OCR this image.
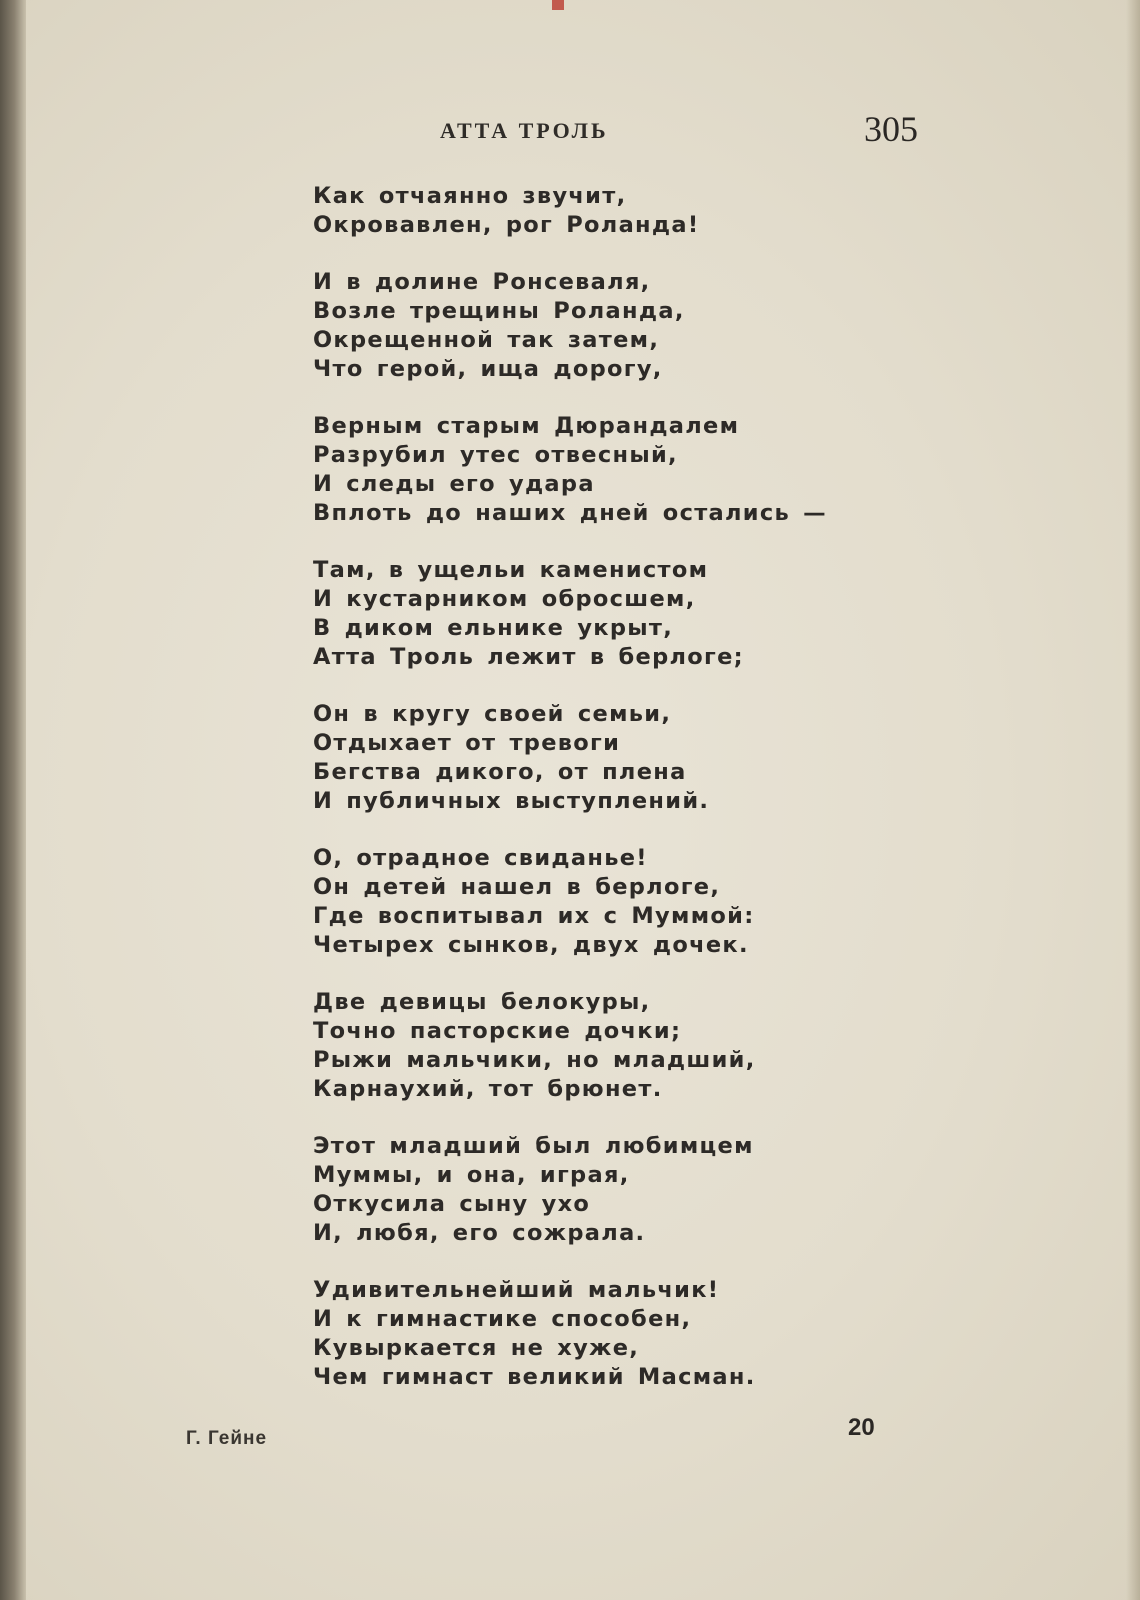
АТТА ТРОЛЬ	305
Как отчаянно звучит,
Окровавлен, рог Роланда!
И в долине Ронсеваля,
Возле трещины Роланда,
Окрещенной так затем,
Что герой, ища дорогу,
Верным старым Дюрандалем
Разрубил утес отвесный,
И следы его удара
Вплоть до наших дней остались —
Там, в ущельи каменистом
И кустарником обросшем,
В диком ельнике укрыт,
Атта Троль лежит в берлоге;
Он в кругу своей семьи,
Отдыхает от тревоги
Бегства дикого, от плена
И публичных выступлений.
О, отрадное свиданье!
Он детей нашел в берлоге,
Где воспитывал их с Муммой:
Четырех сынков, двух дочек.
Две девицы белокуры,
Точно пасторские дочки;
Рыжи мальчики, но младший,
Карнаухий, тот брюнет.
Этот младший был любимцем
Муммы, и она, играя,
Откусила сыну ухо
И, любя, его сожрала.
Удивительнейший мальчик!
И к гимнастике способен,
Кувыркается не хуже,
Чем гимнаст великий Масман.
Г. Гейне	20
